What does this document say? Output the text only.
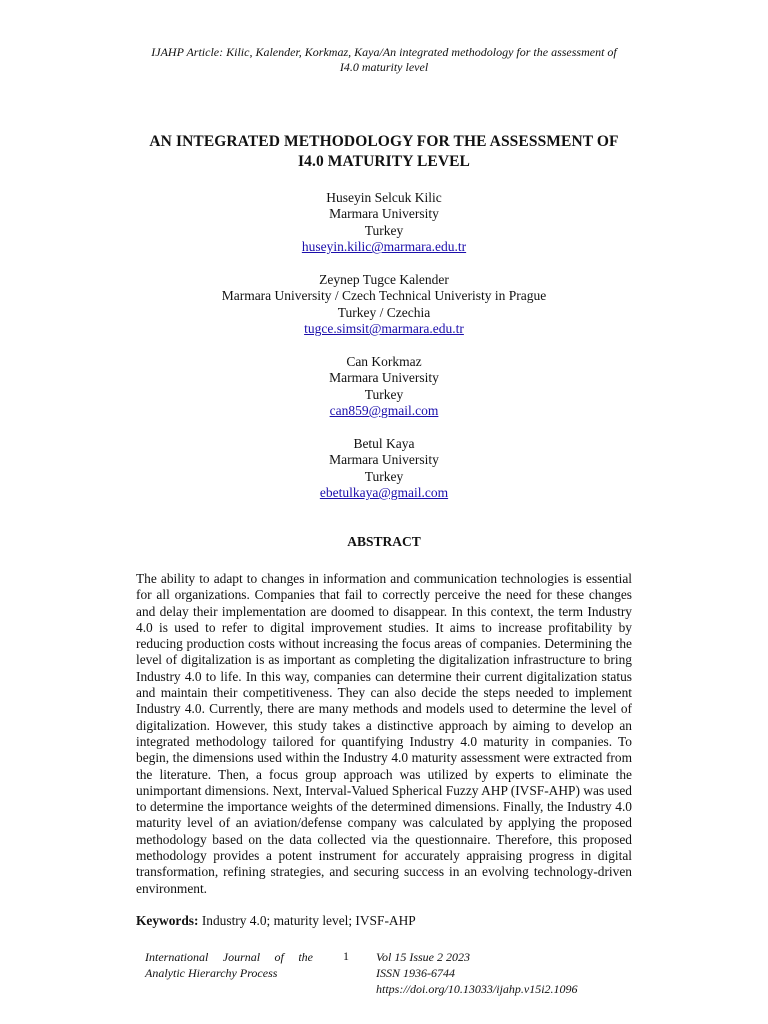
IJAHP Article: Kilic, Kalender, Korkmaz, Kaya/An integrated methodology for the assessment of
I4.0 maturity level
AN INTEGRATED METHODOLOGY FOR THE ASSESSMENT OF
I4.0 MATURITY LEVEL
Huseyin Selcuk Kilic
Marmara University
Turkey
huseyin.kilic@marmara.edu.tr
Zeynep Tugce Kalender
Marmara University / Czech Technical Univeristy in Prague
Turkey / Czechia
tugce.simsit@marmara.edu.tr
Can Korkmaz
Marmara University
Turkey
can859@gmail.com
Betul Kaya
Marmara University
Turkey
ebetulkaya@gmail.com
ABSTRACT

The ability to adapt to changes in information and communication technologies is essential for all organizations. Companies that fail to correctly perceive the need for these changes and delay their implementation are doomed to disappear. In this context, the term Industry 4.0 is used to refer to digital improvement studies. It aims to increase profitability by reducing production costs without increasing the focus areas of companies. Determining the level of digitalization is as important as completing the digitalization infrastructure to bring Industry 4.0 to life. In this way, companies can determine their current digitalization status and maintain their competitiveness. They can also decide the steps needed to implement Industry 4.0. Currently, there are many methods and models used to determine the level of digitalization. However, this study takes a distinctive approach by aiming to develop an integrated methodology tailored for quantifying Industry 4.0 maturity in companies. To begin, the dimensions used within the Industry 4.0 maturity assessment were extracted from the literature. Then, a focus group approach was utilized by experts to eliminate the unimportant dimensions. Next, Interval-Valued Spherical Fuzzy AHP (IVSF-AHP) was used to determine the importance weights of the determined dimensions. Finally, the Industry 4.0 maturity level of an aviation/defense company was calculated by applying the proposed methodology based on the data collected via the questionnaire. Therefore, this proposed methodology provides a potent instrument for accurately appraising progress in digital transformation, refining strategies, and securing success in an evolving technology-driven environment.

Keywords: Industry 4.0; maturity level; IVSF-AHP
International Journal of the
Analytic Hierarchy Process
1 Vol 15 Issue 2 2023
ISSN 1936-6744
https://doi.org/10.13033/ijahp.v15i2.1096
